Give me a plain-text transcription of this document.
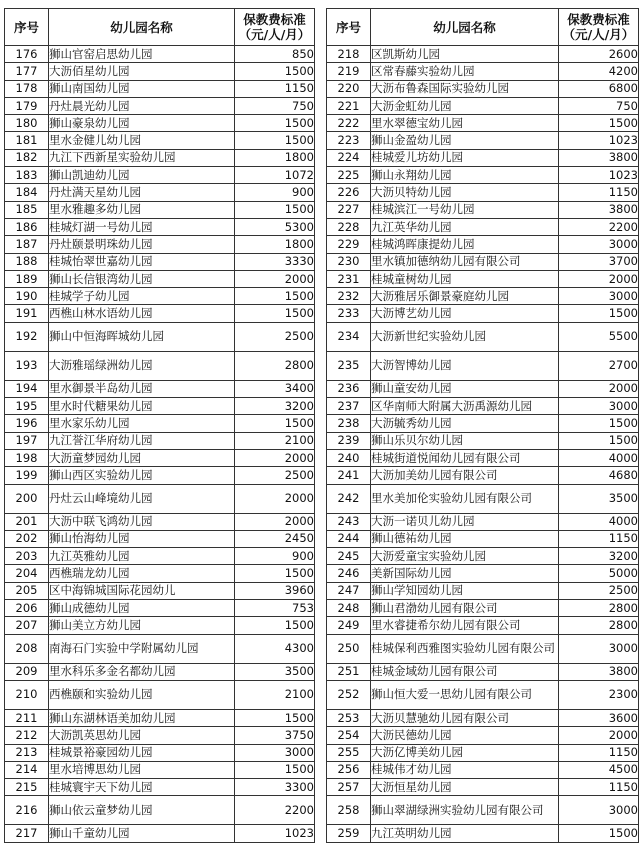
序号	幼儿园名称	保教费标准（元/人/月）

176	狮山官窑启思幼儿园	850
177	大沥佰星幼儿园	1500
178	狮山南国幼儿园	1150
179	丹灶晨光幼儿园	750
180	狮山豪泉幼儿园	1500
181	里水金健儿幼儿园	1500
182	九江下西新星实验幼儿园	1800
183	狮山凯迪幼儿园	1072
184	丹灶满天星幼儿园	900
185	里水雅趣多幼儿园	1500
186	桂城灯湖一号幼儿园	5300
187	丹灶颐景明珠幼儿园	1800
188	桂城怡翠世嘉幼儿园	3330
189	狮山长信银湾幼儿园	2000
190	桂城学子幼儿园	1500
191	西樵山林水语幼儿园	1500
192	狮山中恒海晖城幼儿园	2500
193	大沥雅瑶绿洲幼儿园	2800
194	里水御景半岛幼儿园	3400
195	里水时代糖果幼儿园	3200
196	里水家乐幼儿园	1500
197	九江誉江华府幼儿园	2100
198	大沥童梦园幼儿园	2000
199	狮山西区实验幼儿园	2500
200	丹灶云山峰境幼儿园	2000
201	大沥中联飞鸿幼儿园	2000
202	狮山怡海幼儿园	2450
203	九江英雅幼儿园	900
204	西樵瑞龙幼儿园	1500
205	区中海锦城国际花园幼儿	3960
206	狮山成德幼儿园	753
207	狮山美立方幼儿园	1500
208	南海石门实验中学附属幼儿园	4300
209	里水科乐多金名都幼儿园	3500
210	西樵颐和实验幼儿园	2100
211	狮山东湖林语美加幼儿园	1500
212	大沥凯英思幼儿园	3750
213	桂城景裕豪园幼儿园	3000
214	里水培博思幼儿园	1500
215	桂城寰宇天下幼儿园	3300
216	狮山依云童梦幼儿园	2200
217	狮山千童幼儿园	1023
序号	幼儿园名称	保教费标准（元/人/月）

218	区凯斯幼儿园	2600
219	区常春藤实验幼儿园	4200
220	大沥布鲁森国际实验幼儿园	6800
221	大沥金虹幼儿园	750
222	里水翠德宝幼儿园	1500
223	狮山金盈幼儿园	1023
224	桂城爱儿坊幼儿园	3800
225	狮山永翔幼儿园	1023
226	大沥贝特幼儿园	1150
227	桂城滨江一号幼儿园	3800
228	九江英华幼儿园	2200
229	桂城鸿晖康提幼儿园	3000
230	里水镇加德纳幼儿园有限公司	3700
231	桂城童树幼儿园	2000
232	大沥雅居乐御景豪庭幼儿园	3000
233	大沥博艺幼儿园	1500
234	大沥新世纪实验幼儿园	5500
235	大沥智博幼儿园	2700
236	狮山童安幼儿园	2000
237	区华南师大附属大沥禹源幼儿园	3000
238	大沥毓秀幼儿园	1500
239	狮山乐贝尔幼儿园	1500
240	桂城街道悦闻幼儿园有限公司	4000
241	大沥加美幼儿园有限公司	4680
242	里水美加伦实验幼儿园有限公司	3500
243	大沥一诺贝儿幼儿园	4000
244	狮山德祐幼儿园	1150
245	大沥爱童宝实验幼儿园	3200
246	美新国际幼儿园	5000
247	狮山学知园幼儿园	2500
248	狮山君渤幼儿园有限公司	2800
249	里水睿捷希尔幼儿园有限公司	2800
250	桂城保利西雅图实验幼儿园有限公司	3000
251	桂城金域幼儿园有限公司	3800
252	狮山恒大爱一思幼儿园有限公司	2300
253	大沥贝慧驰幼儿园有限公司	3600
254	大沥民德幼儿园	2000
255	大沥亿博美幼儿园	1150
256	桂城伟才幼儿园	4500
257	大沥恒星幼儿园	1150
258	狮山翠湖绿洲实验幼儿园有限公司	3000
259	九江英明幼儿园	1500
